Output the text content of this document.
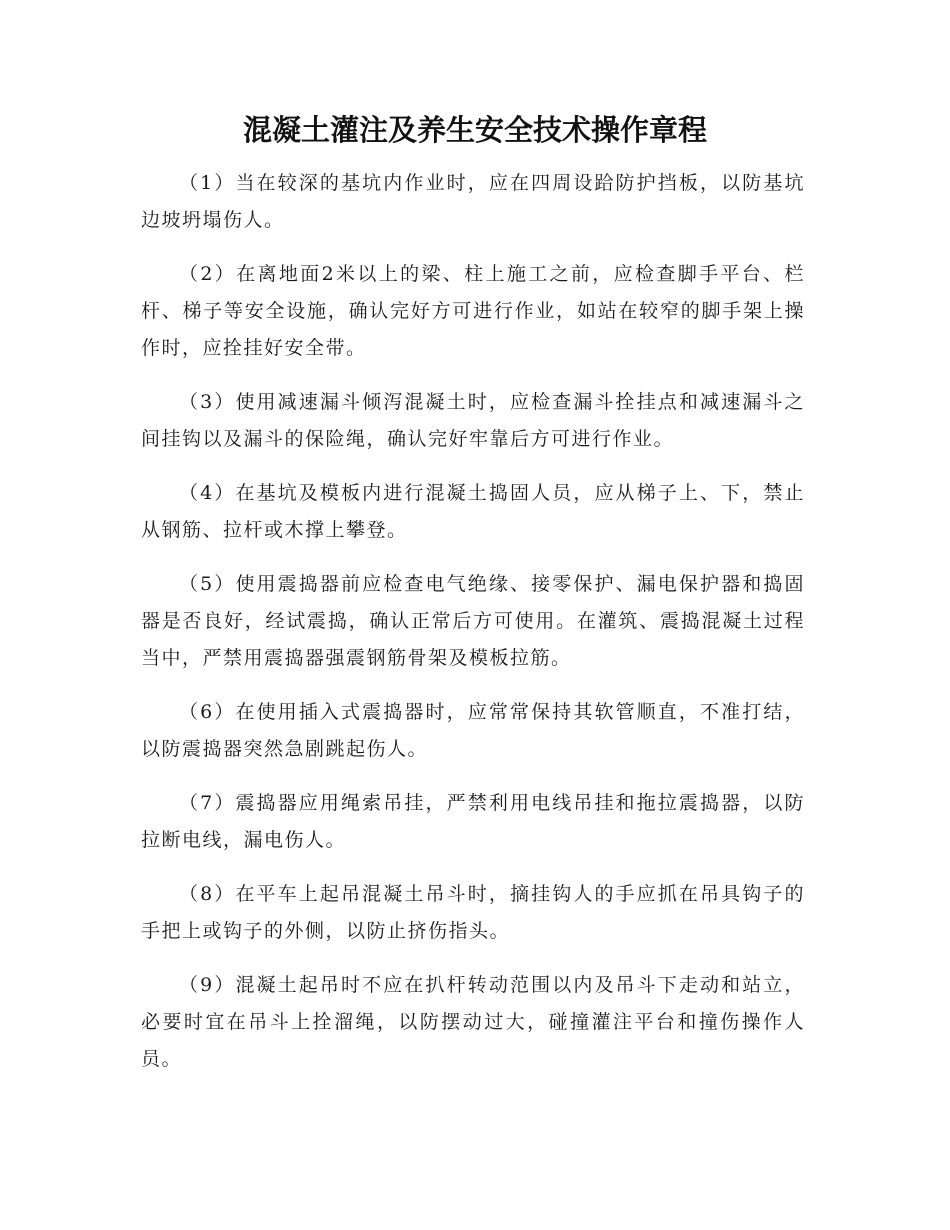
混凝土灌注及养生安全技术操作章程

（1）当在较深的基坑内作业时，应在四周设跲防护挡板，以防基坑边坡坍塌伤人。

（2）在离地面2米以上的梁、柱上施工之前，应检查脚手平台、栏杆、梯子等安全设施，确认完好方可进行作业，如站在较窄的脚手架上操作时，应拴挂好安全带。

（3）使用减速漏斗倾泻混凝土时，应检查漏斗拴挂点和减速漏斗之间挂钩以及漏斗的保险绳，确认完好牢靠后方可进行作业。

（4）在基坑及模板内进行混凝土捣固人员，应从梯子上、下，禁止从钢筋、拉杆或木撑上攀登。

（5）使用震捣器前应检查电气绝缘、接零保护、漏电保护器和捣固器是否良好，经试震捣，确认正常后方可使用。在灌筑、震捣混凝土过程当中，严禁用震捣器强震钢筋骨架及模板拉筋。

（6）在使用插入式震捣器时，应常常保持其软管顺直，不准打结，以防震捣器突然急剧跳起伤人。

（7）震捣器应用绳索吊挂，严禁利用电线吊挂和拖拉震捣器，以防拉断电线，漏电伤人。

（8）在平车上起吊混凝土吊斗时，摘挂钩人的手应抓在吊具钩子的手把上或钩子的外侧，以防止挤伤指头。

（9）混凝土起吊时不应在扒杆转动范围以内及吊斗下走动和站立，必要时宜在吊斗上拴溜绳，以防摆动过大，碰撞灌注平台和撞伤操作人员。
